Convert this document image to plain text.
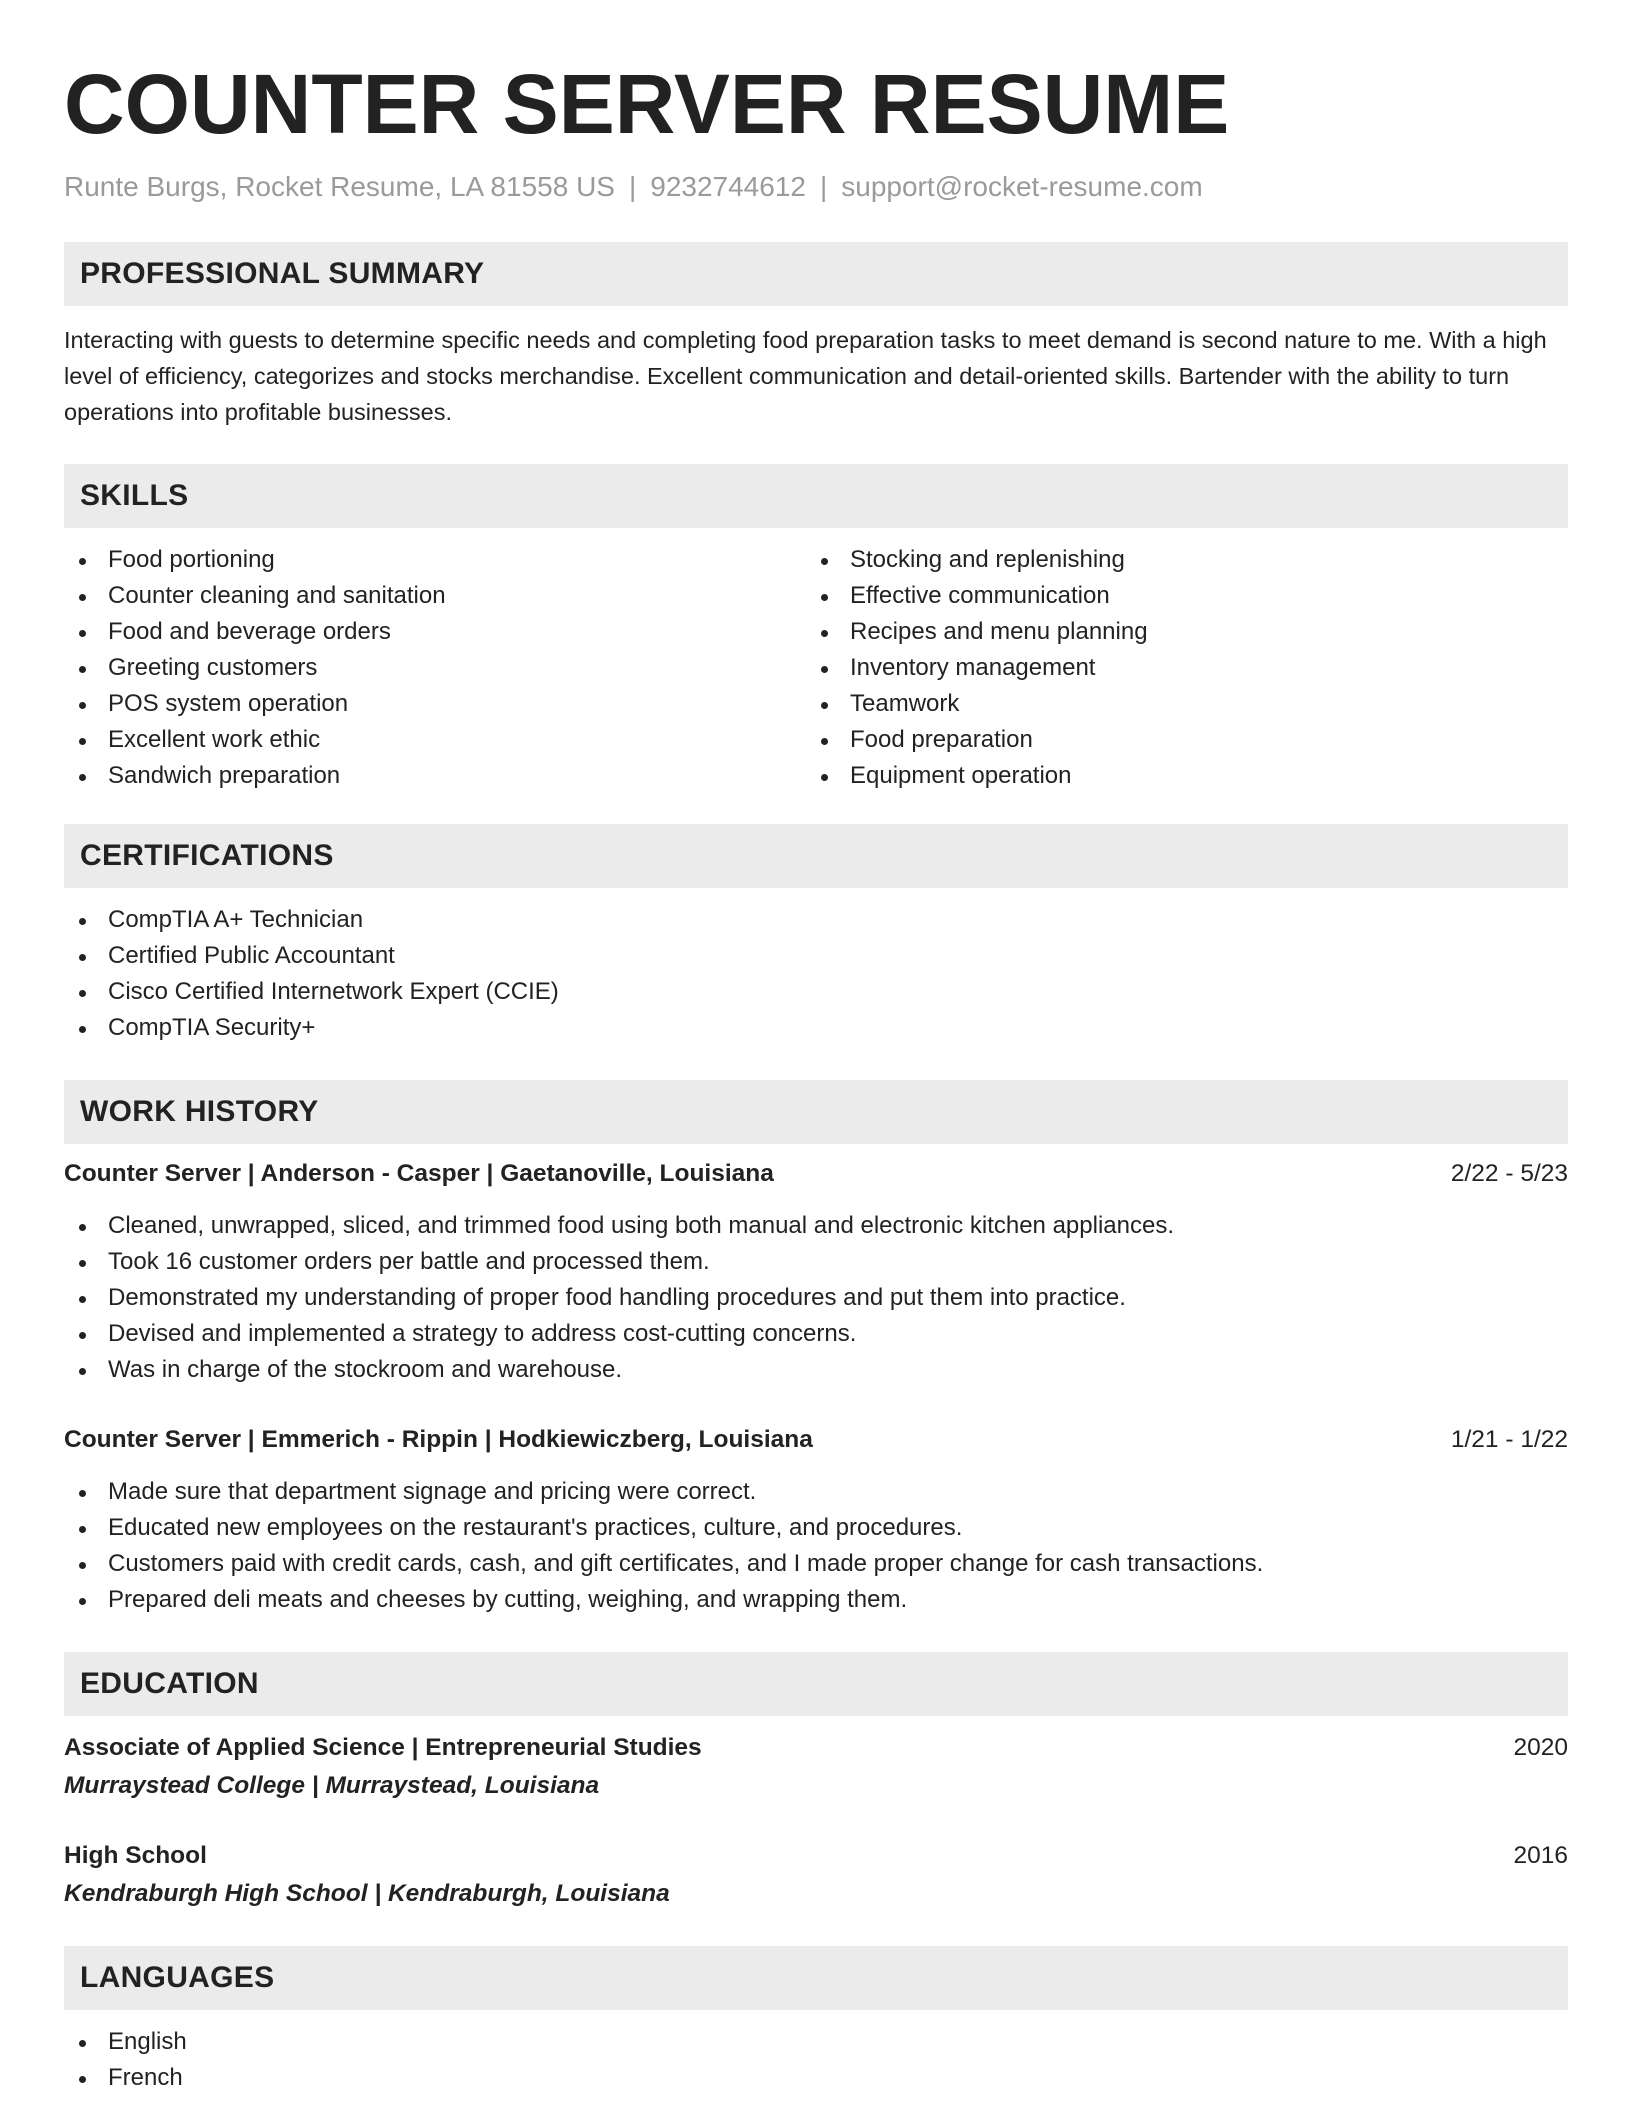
COUNTER SERVER RESUME
Runte Burgs, Rocket Resume, LA 81558 US | 9232744612 | support@rocket-resume.com
PROFESSIONAL SUMMARY
Interacting with guests to determine specific needs and completing food preparation tasks to meet demand is second nature to me. With a high level of efficiency, categorizes and stocks merchandise. Excellent communication and detail-oriented skills. Bartender with the ability to turn operations into profitable businesses.
SKILLS
Food portioning
Counter cleaning and sanitation
Food and beverage orders
Greeting customers
POS system operation
Excellent work ethic
Sandwich preparation
Stocking and replenishing
Effective communication
Recipes and menu planning
Inventory management
Teamwork
Food preparation
Equipment operation
CERTIFICATIONS
CompTIA A+ Technician
Certified Public Accountant
Cisco Certified Internetwork Expert (CCIE)
CompTIA Security+
WORK HISTORY
Counter Server | Anderson - Casper | Gaetanoville, Louisiana	2/22 - 5/23
Cleaned, unwrapped, sliced, and trimmed food using both manual and electronic kitchen appliances.
Took 16 customer orders per battle and processed them.
Demonstrated my understanding of proper food handling procedures and put them into practice.
Devised and implemented a strategy to address cost-cutting concerns.
Was in charge of the stockroom and warehouse.
Counter Server | Emmerich - Rippin | Hodkiewiczberg, Louisiana	1/21 - 1/22
Made sure that department signage and pricing were correct.
Educated new employees on the restaurant's practices, culture, and procedures.
Customers paid with credit cards, cash, and gift certificates, and I made proper change for cash transactions.
Prepared deli meats and cheeses by cutting, weighing, and wrapping them.
EDUCATION
Associate of Applied Science | Entrepreneurial Studies	2020
Murraystead College | Murraystead, Louisiana
High School	2016
Kendraburgh High School | Kendraburgh, Louisiana
LANGUAGES
English
French
